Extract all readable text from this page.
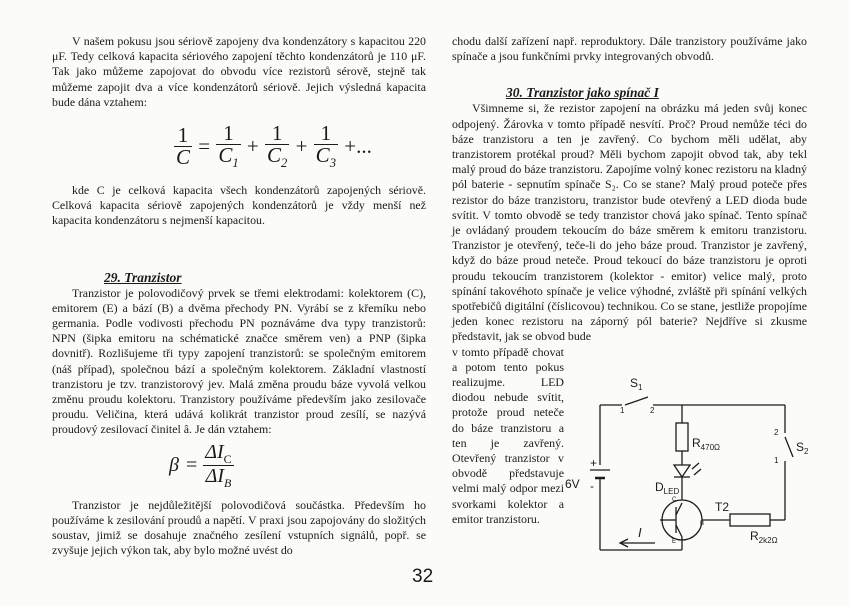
V našem pokusu jsou sériově zapojeny dva kondenzátory s kapacitou 220 μF. Tedy celková kapacita sériového zapojení těchto kondenzátorů je 110 μF. Tak jako můžeme zapojovat do obvodu více rezistorů sérově, stejně tak můžeme zapojit dva a více kondenzátorů sériově. Jejich výsledná kapacita bude dána vztahem:

$\frac{1}{C} = \frac{1}{C_1} + \frac{1}{C_2} + \frac{1}{C_3}$ +...

kde C je celková kapacita všech kondenzátorů zapojených sériově. Celková kapacita sériově zapojených kondenzátorů je vždy menší než kapacita kondenzátoru s nejmenší kapacitou.

29. Tranzistor

Tranzistor je polovodičový prvek se třemi elektrodami: kolektorem (C), emitorem (E) a bází (B) a dvěma přechody PN. Vyrábí se z křemíku nebo germania. Podle vodivosti přechodu PN poznáváme dva typy tranzistorů: NPN (šipka emitoru na schématické značce směrem ven) a PNP (šipka dovnitř). Rozlišujeme tři typy zapojení tranzistorů: se společným emitorem (náš případ), společnou bází a společným kolektorem. Základní vlastností tranzistoru je tzv. tranzistorový jev. Malá změna proudu báze vyvolá velkou změnu proudu kolektoru. Tranzistory používáme především jako zesilovače proudu. Veličina, která udává kolikrát tranzistor proud zesílí, se nazývá proudový zesilovací činitel â. Je dán vztahem:

$\beta = \frac{\Delta I_C}{\Delta I_B}$

Tranzistor je nejdůležitější polovodičová součástka. Především ho používáme k zesilování proudů a napětí. V praxi jsou zapojovány do složitých soustav, jimiž se dosahuje značného zesílení vstupních signálů, popř. se zvyšuje jejich výkon tak, aby bylo možné uvést do

chodu další zařízení např. reproduktory. Dále tranzistory používáme jako spínače a jsou funkčními prvky integrovaných obvodů.

30. Tranzistor jako spínač I

Všimneme si, že rezistor zapojení na obrázku má jeden svůj konec odpojený. Žárovka v tomto případě nesvítí. Proč? Proud nemůže téci do báze tranzistoru a ten je zavřený. Co bychom měli udělat, aby tranzistorem protékal proud? Měli bychom zapojit obvod tak, aby tekl malý proud do báze tranzistoru. Zapojíme volný konec rezistoru na kladný pól baterie - sepnutím spínače S₂. Co se stane? Malý proud poteče přes rezistor do báze tranzistoru, tranzistor bude otevřený a LED dioda bude svítit. V tomto obvodě se tedy tranzistor chová jako spínač. Tento spínač je ovládaný proudem tekoucím do báze směrem k emitoru tranzistoru. Tranzistor je otevřený, teče-li do jeho báze proud. Tranzistor je zavřený, když do báze proud neteče. Proud tekoucí do báze tranzistoru je oproti proudu tekoucím tranzistorem (kolektor - emitor) velice malý, proto spínání takovéhoto spínače je velice výhodné, zvláště při spínání velkých spotřebičů digitální (číslicovou) technikou. Co se stane, jestliže propojíme jeden konec rezistoru na záporný pól baterie? Nejdříve si zkusme představit, jak se obvod bude

v tomto případě chovat a potom tento pokus realizujme. LED diodou nebude svítit, protože proud neteče do báze tranzistoru a ten je zavřený. Otevřený tranzistor v obvodě představuje velmi malý odpor mezi svorkami kolektor a emitor tranzistoru.

$S_1$
1	2
2
1
$S_2$
$R_{470\Omega}$
$D_{LED}$
+
-
6V
T2
C
B
E	$R_{2k2\Omega}$
I
32
